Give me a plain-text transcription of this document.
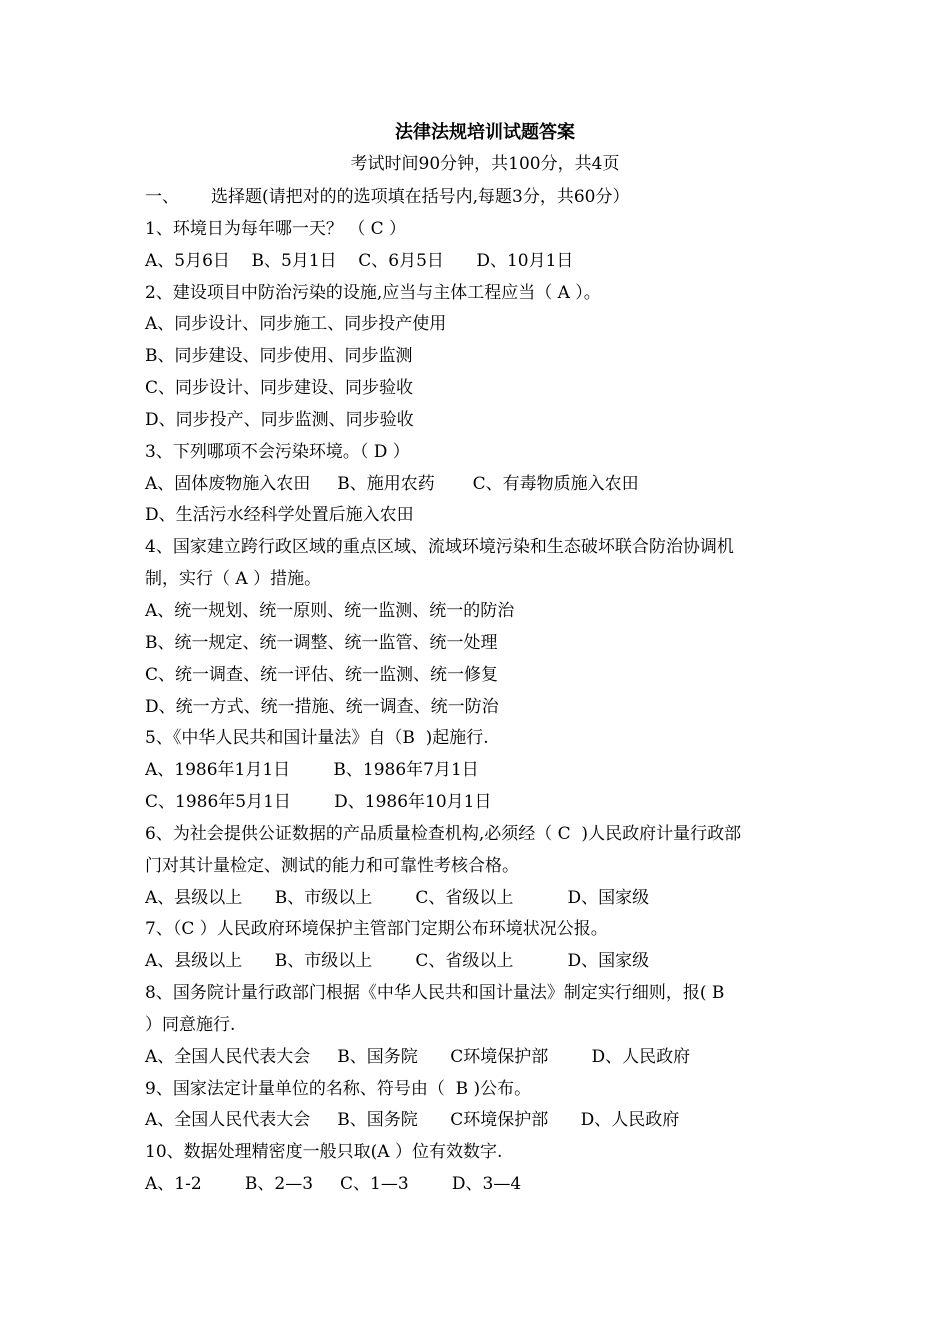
法律法规培训试题答案
考试时间90分钟，共100分，共4页
一、 选择题(请把对的的选项填在括号内,每题3分，共60分）
1、环境日为每年哪一天？ （ C ）
A、5月6日    B、5月1日    C、6月5日      D、10月1日
2、建设项目中防治污染的设施,应当与主体工程应当（ A ）。
A、同步设计、同步施工、同步投产使用
B、同步建设、同步使用、同步监测
C、同步设计、同步建设、同步验收
D、同步投产、同步监测、同步验收
3、下列哪项不会污染环境。（ D ）
A、固体废物施入农田     B、施用农药       C、有毒物质施入农田
D、生活污水经科学处置后施入农田
4、国家建立跨行政区域的重点区域、流域环境污染和生态破坏联合防治协调机
制，实行（ A ）措施。
A、统一规划、统一原则、统一监测、统一的防治
B、统一规定、统一调整、统一监管、统一处理
C、统一调查、统一评估、统一监测、统一修复
D、统一方式、统一措施、统一调查、统一防治
5、《中华人民共和国计量法》自（B  )起施行.
A、1986年1月1日        B、1986年7月1日
C、1986年5月1日        D、1986年10月1日
6、为社会提供公证数据的产品质量检查机构,必须经（ C  )人民政府计量行政部
门对其计量检定、测试的能力和可靠性考核合格。
A、县级以上      B、市级以上        C、省级以上          D、国家级
7、（C ）人民政府环境保护主管部门定期公布环境状况公报。
A、县级以上      B、市级以上        C、省级以上          D、国家级
8、国务院计量行政部门根据《中华人民共和国计量法》制定实行细则，报( B
）同意施行.
A、全国人民代表大会     B、国务院      C环境保护部        D、人民政府
9、国家法定计量单位的名称、符号由（  B )公布。
A、全国人民代表大会     B、国务院      C环境保护部      D、人民政府
10、数据处理精密度一般只取(A ）位有效数字.
A、1-2        B、2—3     C、1—3        D、3—4
